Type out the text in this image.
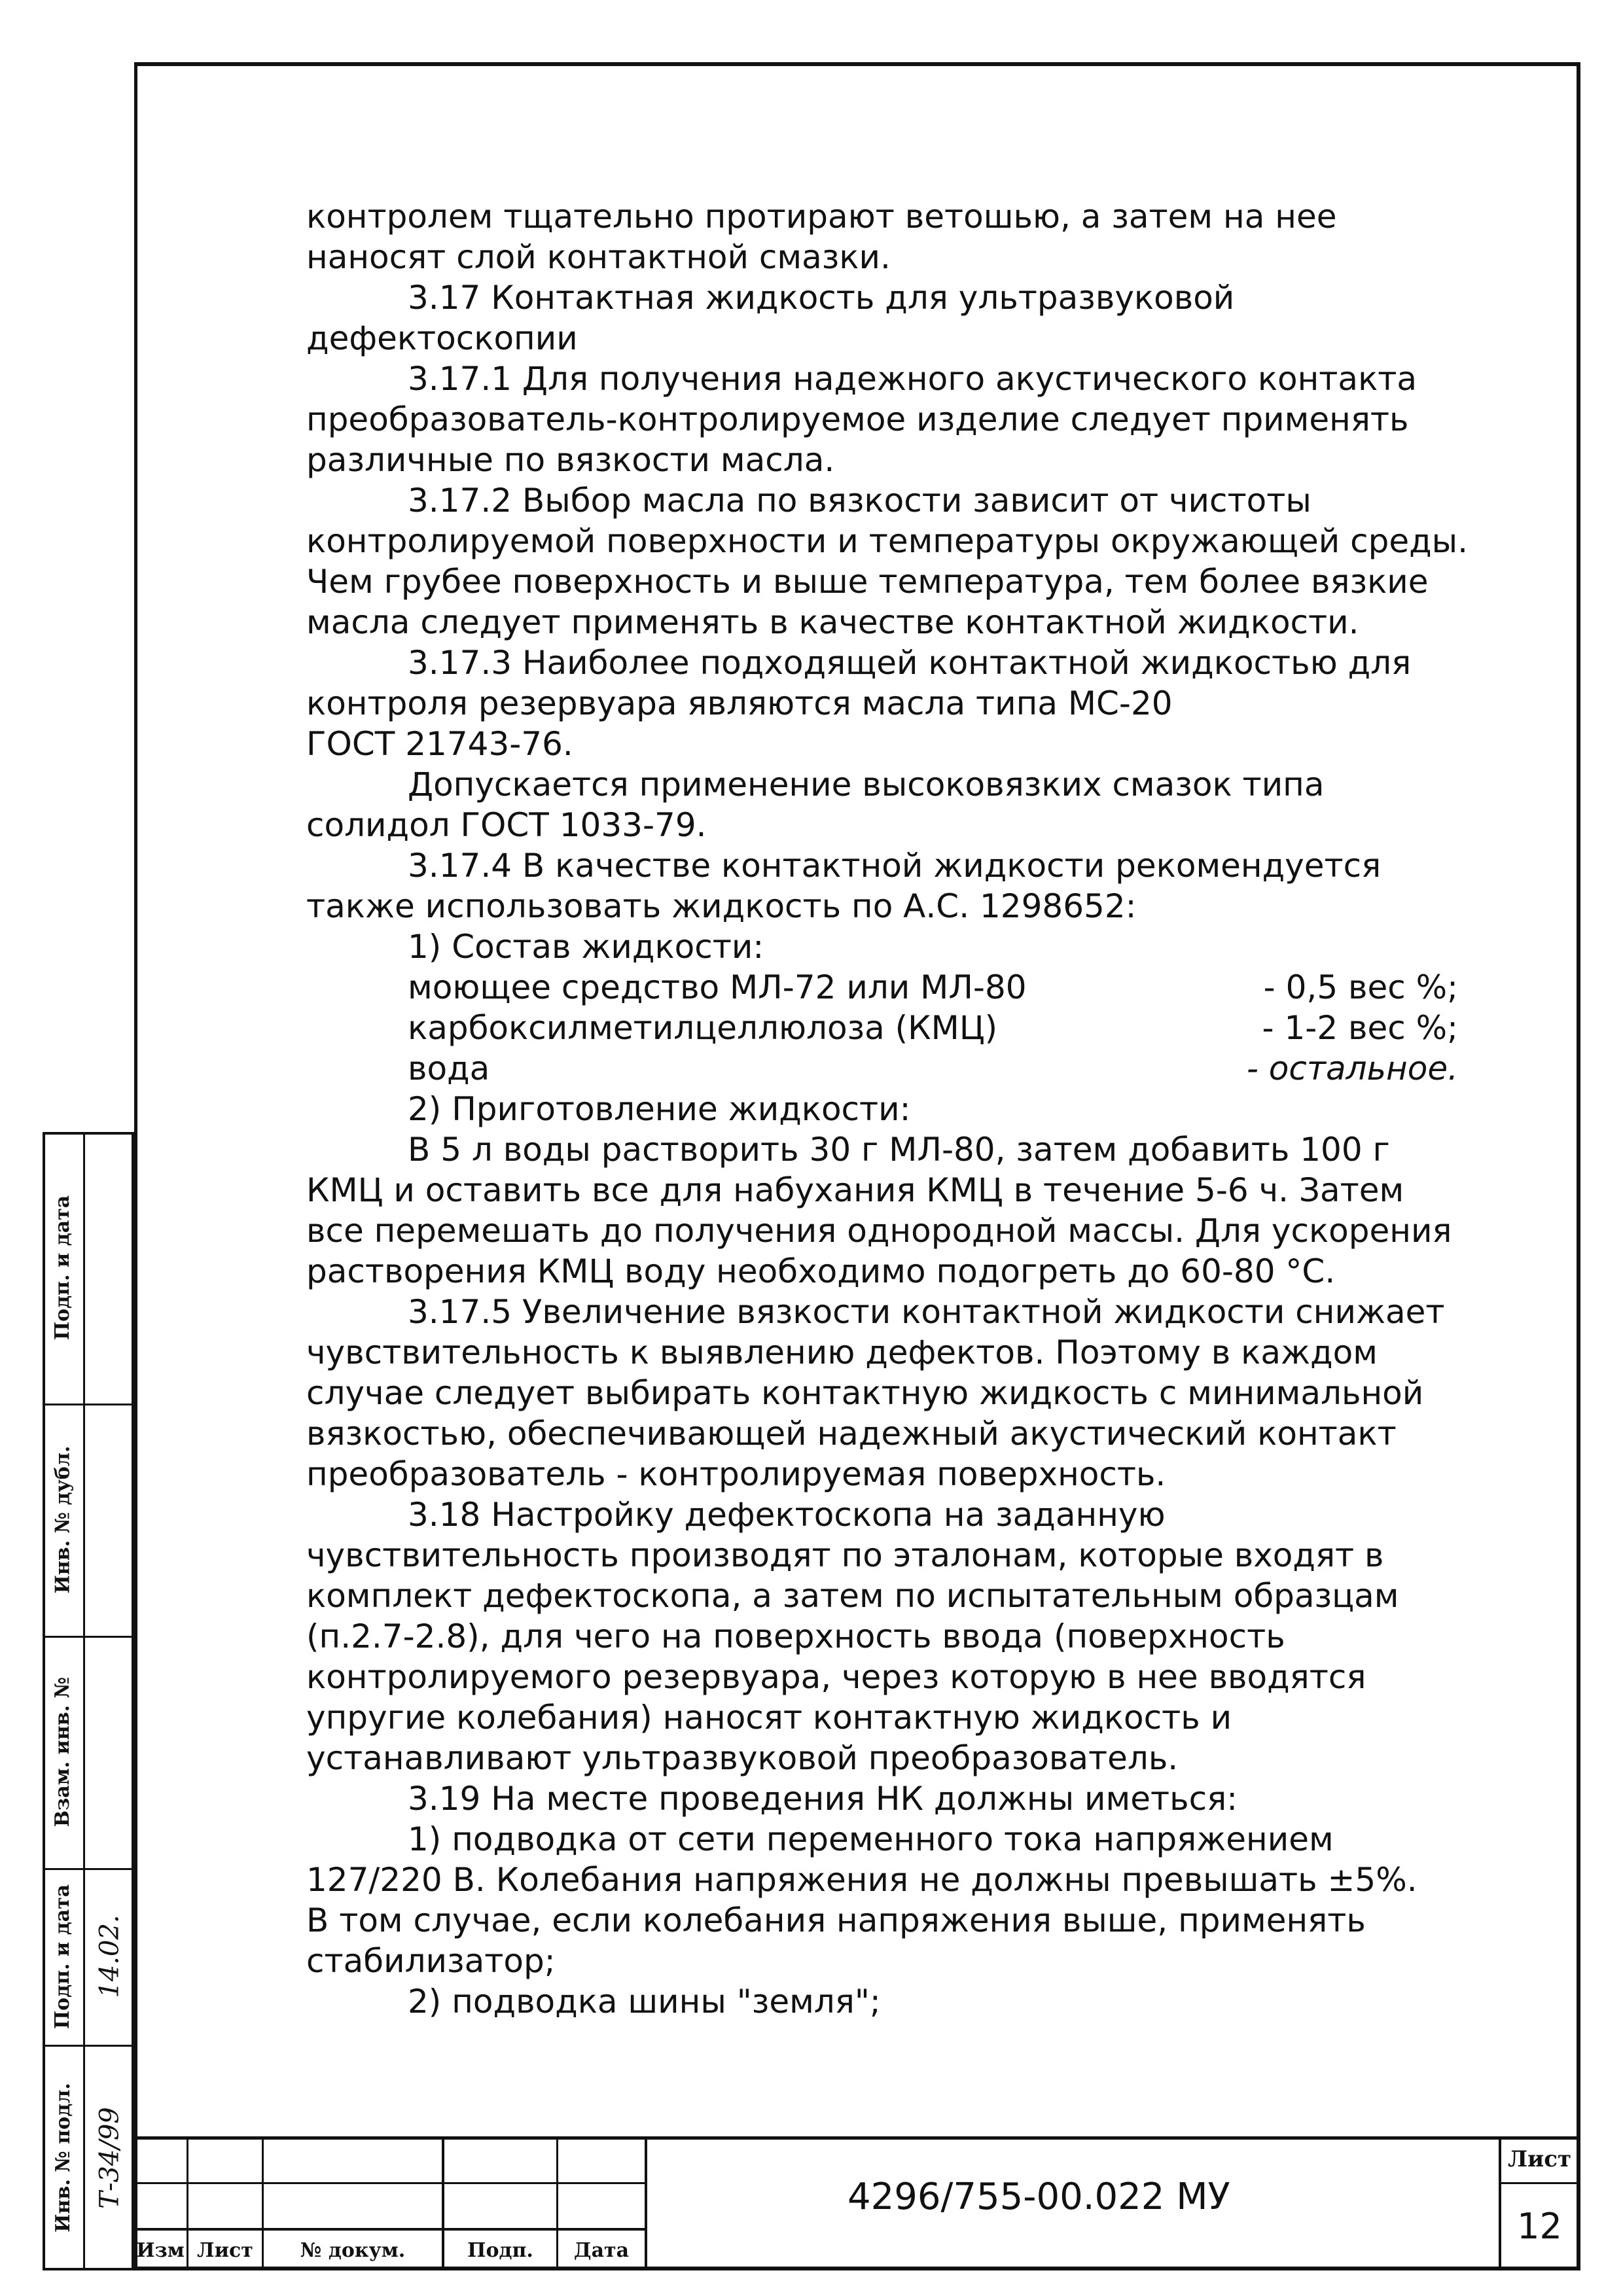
контролем тщательно протирают ветошью, а затем на нее

наносят слой контактной смазки.

3.17 Контактная жидкость для ультразвуковой

дефектоскопии

3.17.1 Для получения надежного акустического контакта

преобразователь-контролируемое изделие следует применять

различные по вязкости масла.

3.17.2 Выбор масла по вязкости зависит от чистоты

контролируемой поверхности и температуры окружающей среды.

Чем грубее поверхность и выше температура, тем более вязкие

масла следует применять в качестве контактной жидкости.

3.17.3 Наиболее подходящей контактной жидкостью для

контроля резервуара являются масла типа МС-20

ГОСТ 21743-76.

Допускается применение высоковязких смазок типа

солидол ГОСТ 1033-79.

3.17.4 В качестве контактной жидкости рекомендуется

также использовать жидкость по А.С. 1298652:

1) Состав жидкости:

моющее средство МЛ-72 или МЛ-80	- 0,5 вес %;
карбоксилметилцеллюлоза (КМЦ)	- 1-2 вес %;
вода	- остальное.

2) Приготовление жидкости:

В 5 л воды растворить 30 г МЛ-80, затем добавить 100 г

КМЦ и оставить все для набухания КМЦ в течение 5-6 ч. Затем

все перемешать до получения однородной массы. Для ускорения

растворения КМЦ воду необходимо подогреть до 60-80 °С.

3.17.5 Увеличение вязкости контактной жидкости снижает

чувствительность к выявлению дефектов. Поэтому в каждом

случае следует выбирать контактную жидкость с минимальной

вязкостью, обеспечивающей надежный акустический контакт

преобразователь - контролируемая поверхность.

3.18 Настройку дефектоскопа на заданную

чувствительность производят по эталонам, которые входят в

комплект дефектоскопа, а затем по испытательным образцам

(п.2.7-2.8), для чего на поверхность ввода (поверхность

контролируемого резервуара, через которую в нее вводятся

упругие колебания) наносят контактную жидкость и

устанавливают ультразвуковой преобразователь.

3.19 На месте проведения НК должны иметься:

1) подводка от сети переменного тока напряжением

127/220 В. Колебания напряжения не должны превышать ±5%.

В том случае, если колебания напряжения выше, применять

стабилизатор;

2) подводка шины "земля";

Подп. и дата
Инв. № дубл.
Взам. инв. №
Подп. и дата
Инв. № подл.
14.02.
Т-34/99
Изм Лист	№ докум.	Подп.	Дата
4296/755-00.022 МУ
Лист
12
